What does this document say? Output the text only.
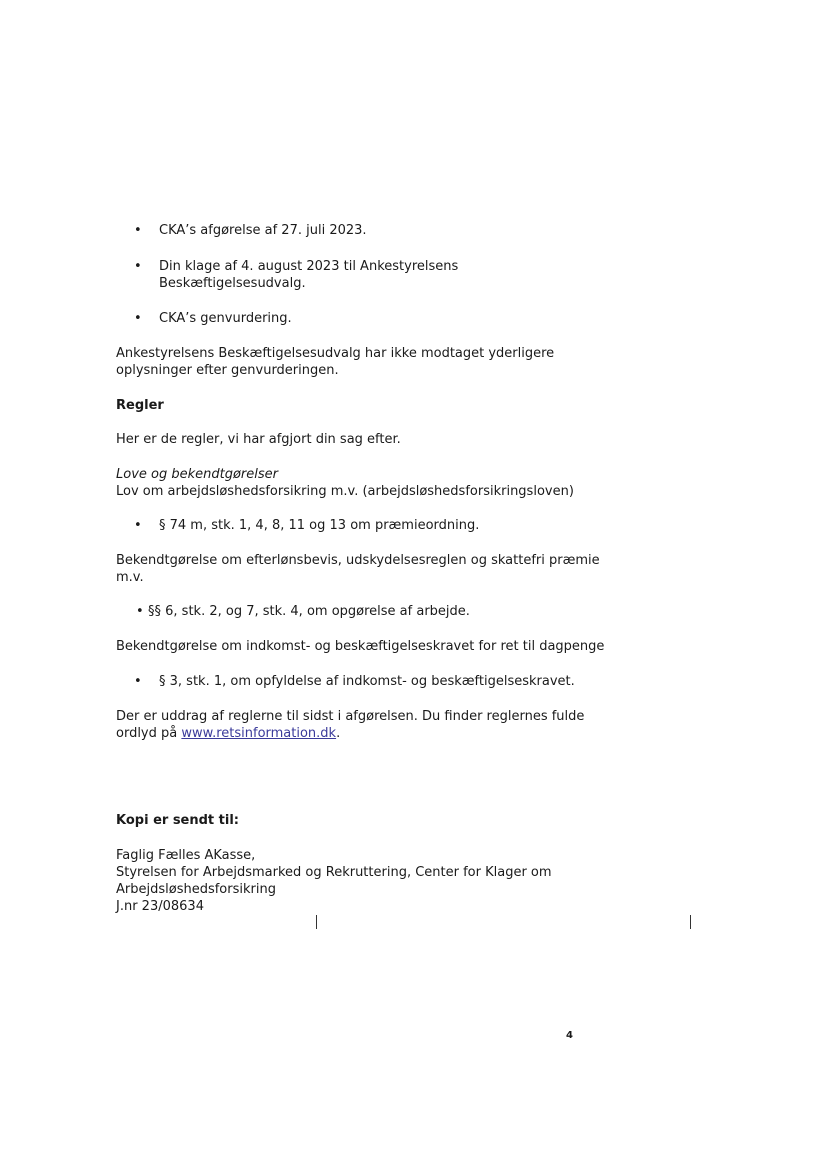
• CKA’s afgørelse af 27. juli 2023.
• Din klage af 4. august 2023 til Ankestyrelsens
Beskæftigelsesudvalg.
• CKA’s genvurdering.
Ankestyrelsens Beskæftigelsesudvalg har ikke modtaget yderligere
oplysninger efter genvurderingen.
Regler
Her er de regler, vi har afgjort din sag efter.
Love og bekendtgørelser
Lov om arbejdsløshedsforsikring m.v. (arbejdsløshedsforsikringsloven)
• § 74 m, stk. 1, 4, 8, 11 og 13 om præmieordning.
Bekendtgørelse om efterlønsbevis, udskydelsesreglen og skattefri præmie
m.v.
• §§ 6, stk. 2, og 7, stk. 4, om opgørelse af arbejde.
Bekendtgørelse om indkomst- og beskæftigelseskravet for ret til dagpenge
• § 3, stk. 1, om opfyldelse af indkomst- og beskæftigelseskravet.
Der er uddrag af reglerne til sidst i afgørelsen. Du finder reglernes fulde
ordlyd på www.retsinformation.dk.
Kopi er sendt til:
Faglig Fælles AKasse,
Styrelsen for Arbejdsmarked og Rekruttering, Center for Klager om
Arbejdsløshedsforsikring
J.nr 23/08634
4
